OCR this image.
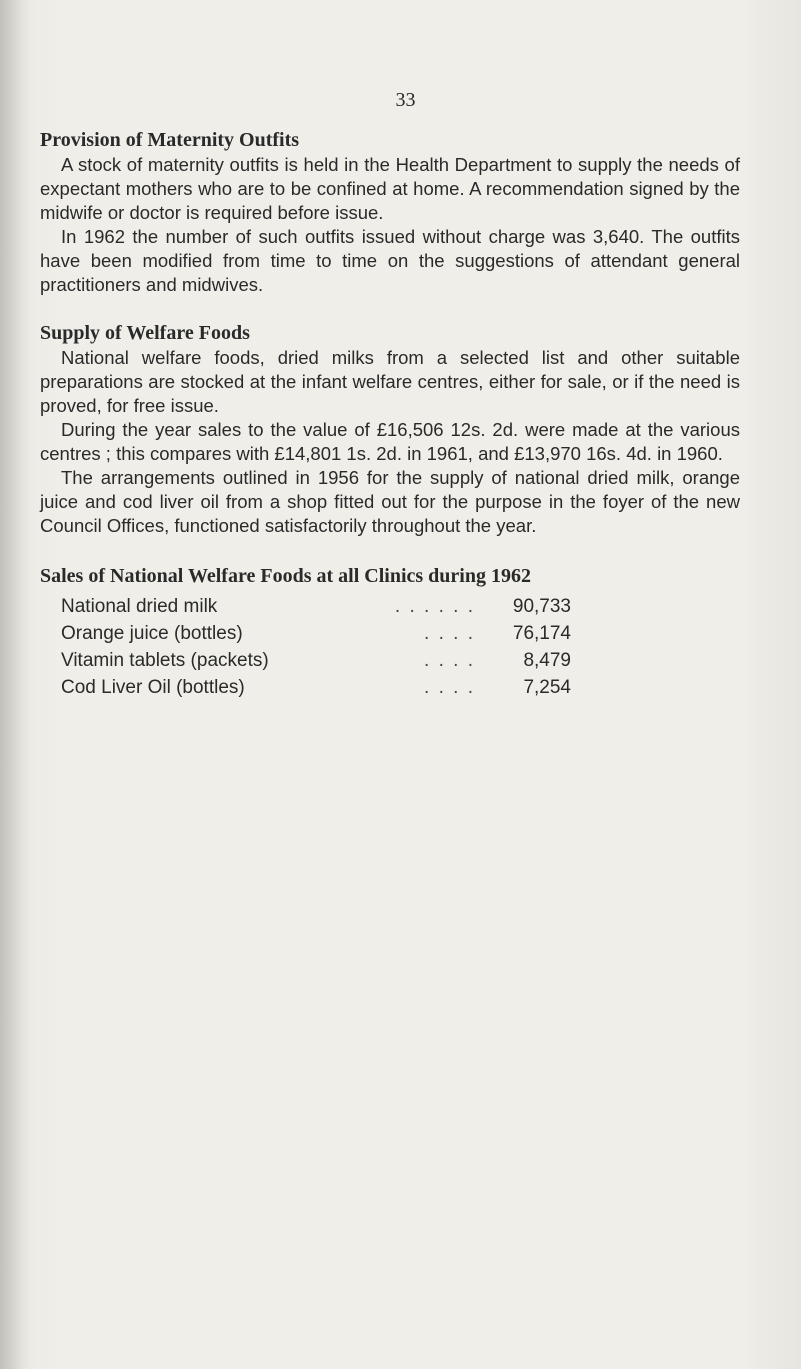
33
Provision of Maternity Outfits

A stock of maternity outfits is held in the Health Department to supply the needs of expectant mothers who are to be confined at home. A recommendation signed by the midwife or doctor is required before issue.

In 1962 the number of such outfits issued without charge was 3,640. The outfits have been modified from time to time on the suggestions of attendant general practitioners and midwives.

Supply of Welfare Foods

National welfare foods, dried milks from a selected list and other suitable preparations are stocked at the infant welfare centres, either for sale, or if the need is proved, for free issue.

During the year sales to the value of £16,506 12s. 2d. were made at the various centres ; this compares with £14,801 1s. 2d. in 1961, and £13,970 16s. 4d. in 1960.

The arrangements outlined in 1956 for the supply of national dried milk, orange juice and cod liver oil from a shop fitted out for the purpose in the foyer of the new Council Offices, functioned satisfactorily throughout the year.

Sales of National Welfare Foods at all Clinics during 1962
National dried milk . . . . . .	90,733
Orange juice (bottles) . . . .	76,174
Vitamin tablets (packets) . . . .	8,479
Cod Liver Oil (bottles) . . . .	7,254
